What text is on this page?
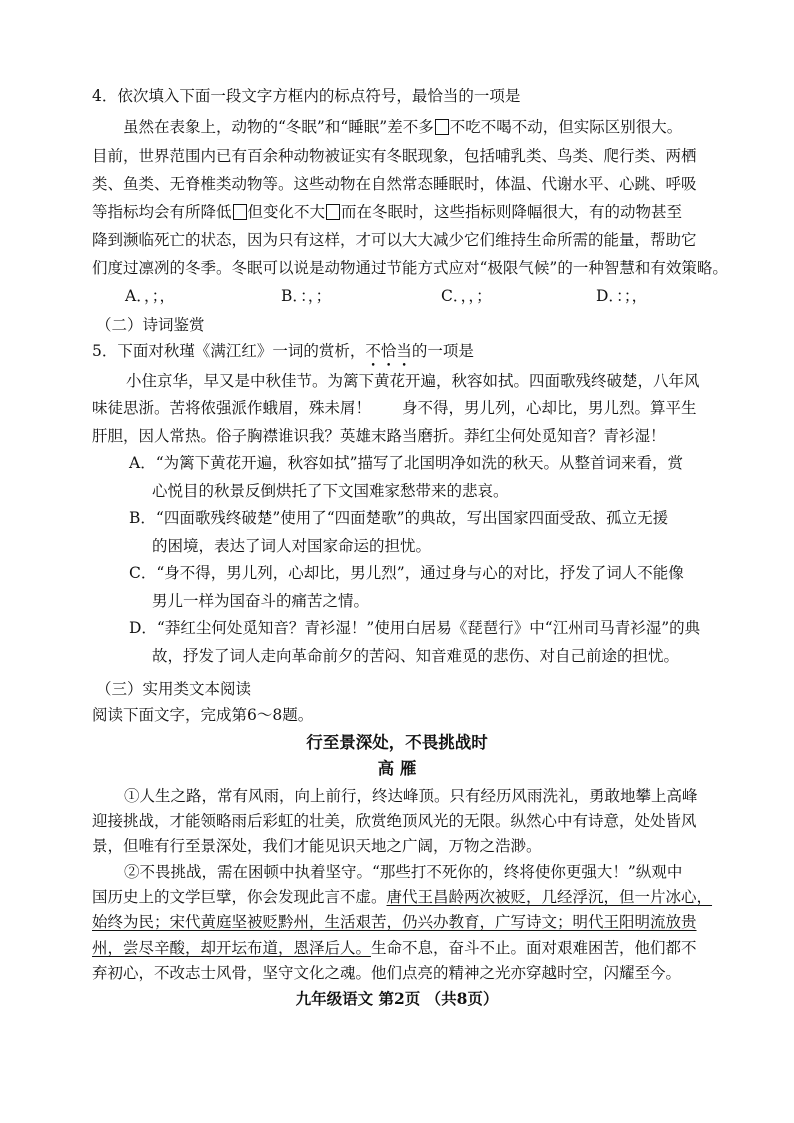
4．依次填入下面一段文字方框内的标点符号，最恰当的一项是
虽然在表象上，动物的“冬眠”和“睡眠”差不多 不吃不喝不动，但实际区别很大。
目前，世界范围内已有百余种动物被证实有冬眠现象，包括哺乳类、鸟类、爬行类、两栖
类、鱼类、无脊椎类动物等。这些动物在自然常态睡眠时，体温、代谢水平、心跳、呼吸
等指标均会有所降低 但变化不大 而在冬眠时，这些指标则降幅很大，有的动物甚至
降到濒临死亡的状态，因为只有这样，才可以大大减少它们维持生命所需的能量，帮助它
们度过凛冽的冬季。冬眠可以说是动物通过节能方式应对“极限气候”的一种智慧和有效策略。
A．，；，	B．：，；	C．，，；	D．：；，
（二）诗词鉴赏
5．下面对秋瑾《满江红》一词的赏析，不恰当的一项是
小住京华，早又是中秋佳节。为篱下黄花开遍，秋容如拭。四面歌残终破楚，八年风
味徒思浙。苦将侬强派作蛾眉，殊未屑！　　身不得，男儿列，心却比，男儿烈。算平生
肝胆，因人常热。俗子胸襟谁识我？英雄末路当磨折。莽红尘何处觅知音？青衫湿！
A．“为篱下黄花开遍，秋容如拭”描写了北国明净如洗的秋天。从整首词来看，赏
心悦目的秋景反倒烘托了下文国难家愁带来的悲哀。
B．“四面歌残终破楚”使用了“四面楚歌”的典故，写出国家四面受敌、孤立无援
的困境，表达了词人对国家命运的担忧。
C．“身不得，男儿列，心却比，男儿烈”，通过身与心的对比，抒发了词人不能像
男儿一样为国奋斗的痛苦之情。
D．“莽红尘何处觅知音？青衫湿！”使用白居易《琵琶行》中“江州司马青衫湿”的典
故，抒发了词人走向革命前夕的苦闷、知音难觅的悲伤、对自己前途的担忧。
（三）实用类文本阅读
阅读下面文字，完成第6～8题。
行至景深处，不畏挑战时
高 雁
①人生之路，常有风雨，向上前行，终达峰顶。只有经历风雨洗礼，勇敢地攀上高峰
迎接挑战，才能领略雨后彩虹的壮美，欣赏绝顶风光的无限。纵然心中有诗意，处处皆风
景，但唯有行至景深处，我们才能见识天地之广阔，万物之浩渺。
②不畏挑战，需在困顿中执着坚守。“那些打不死你的，终将使你更强大！”纵观中
国历史上的文学巨擘，你会发现此言不虚。唐代王昌龄两次被贬，几经浮沉，但一片冰心，
始终为民；宋代黄庭坚被贬黔州，生活艰苦，仍兴办教育，广写诗文；明代王阳明流放贵
州，尝尽辛酸，却开坛布道，恩泽后人。生命不息，奋斗不止。面对艰难困苦，他们都不
弃初心，不改志士风骨，坚守文化之魂。他们点亮的精神之光亦穿越时空，闪耀至今。
九年级语文 第2页 （共8页）
